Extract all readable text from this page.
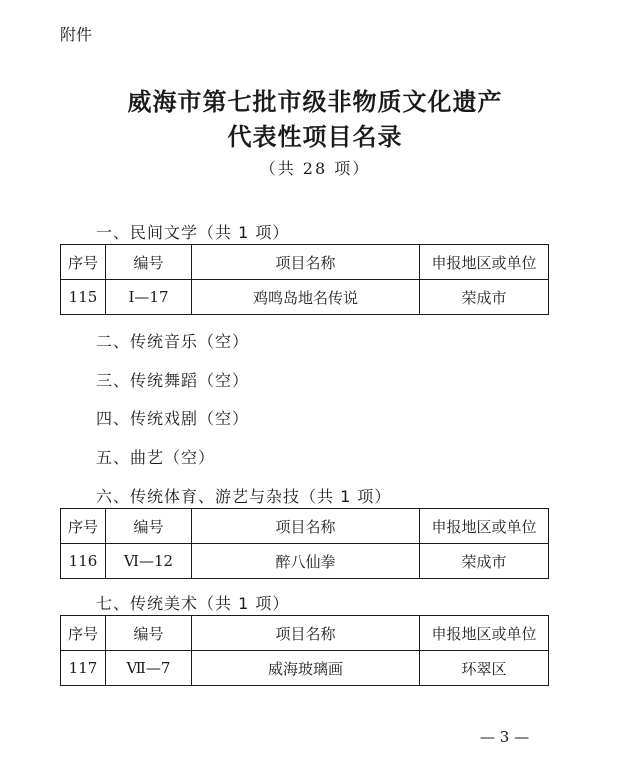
附件
威海市第七批市级非物质文化遗产
代表性项目名录
（共 28 项）
一、民间文学（共 1 项）
序号	编号	项目名称	申报地区或单位
115	Ⅰ—17	鸡鸣岛地名传说	荣成市
二、传统音乐（空）
三、传统舞蹈（空）
四、传统戏剧（空）
五、曲艺（空）
六、传统体育、游艺与杂技（共 1 项）
序号	编号	项目名称	申报地区或单位
116	Ⅵ—12	醉八仙拳	荣成市
七、传统美术（共 1 项）
序号	编号	项目名称	申报地区或单位
117	Ⅶ—7	威海玻璃画	环翠区
— 3 —
